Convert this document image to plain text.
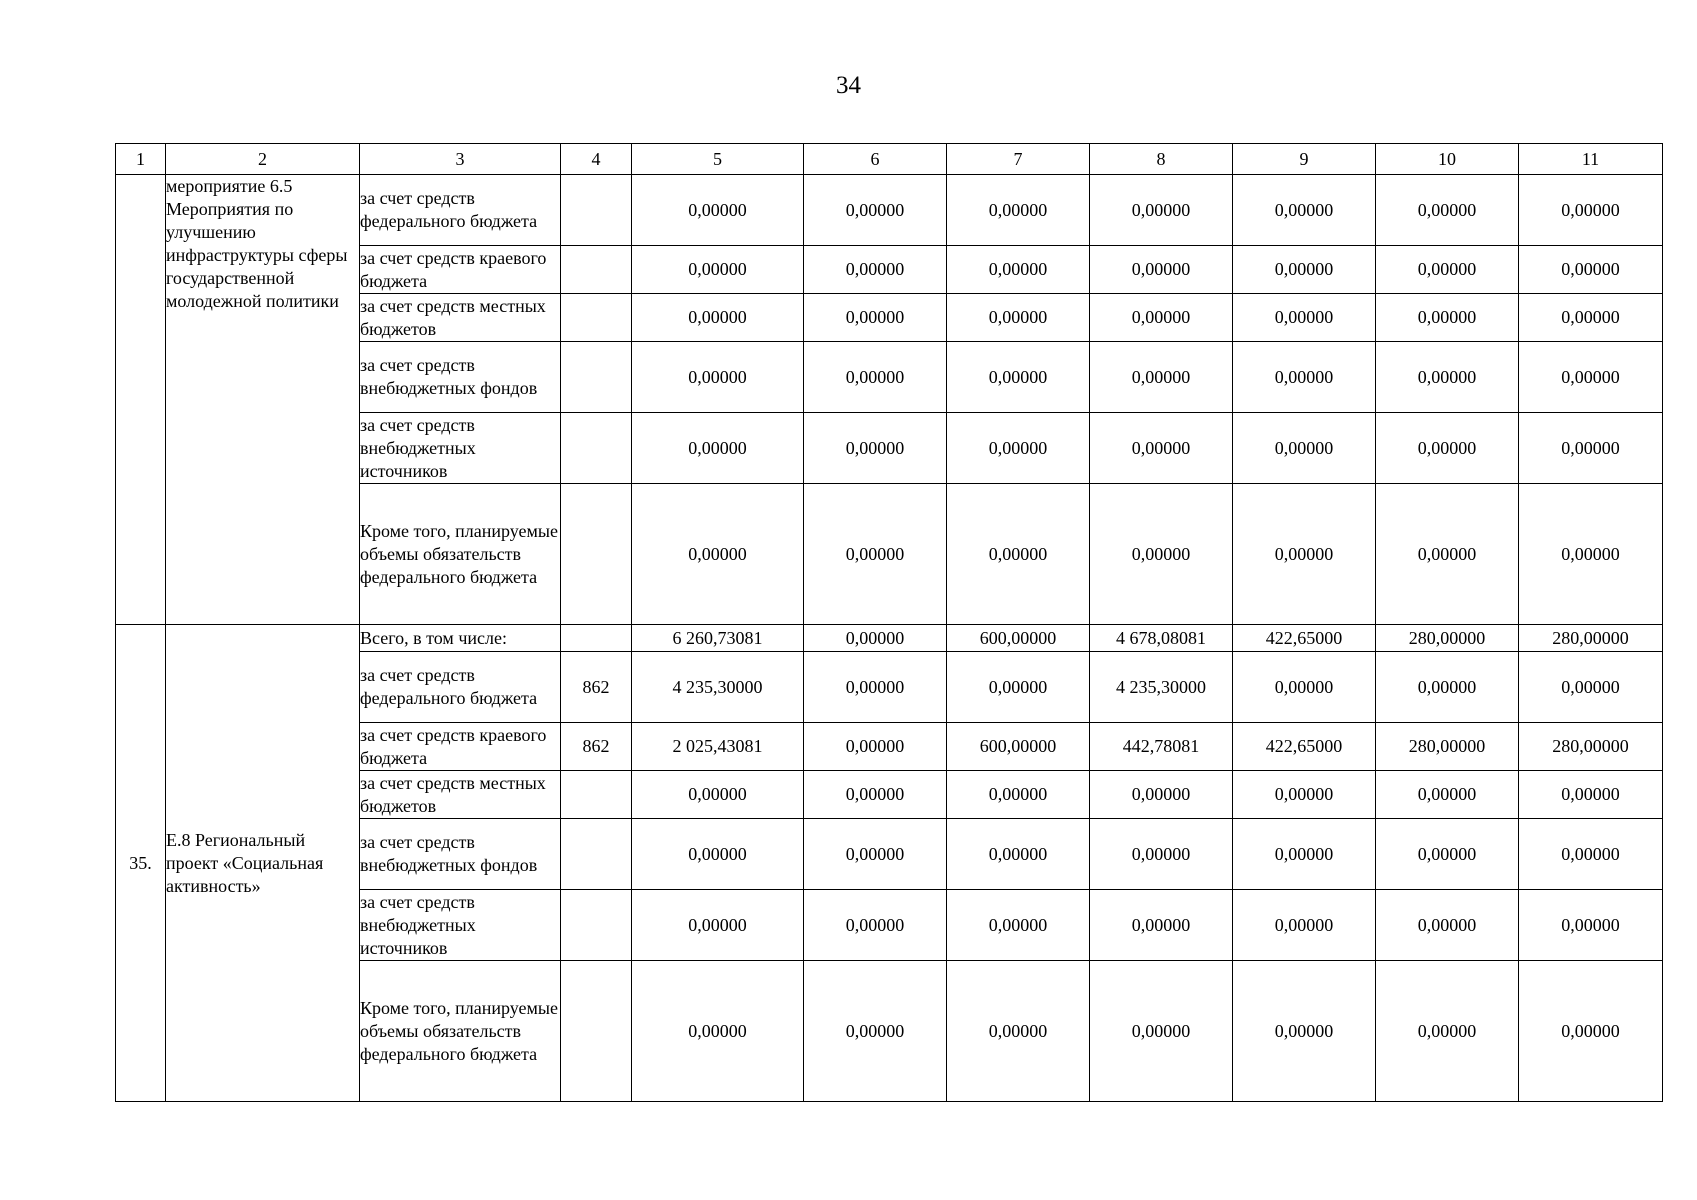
34
1	2	3	4	5	6	7	8	9	10	11
	мероприятие 6.5 Мероприятия по улучшению инфраструктуры сферы государственной молодежной политики	за счет средств федерального бюджета		0,00000	0,00000	0,00000	0,00000	0,00000	0,00000	0,00000
		за счет средств краевого бюджета		0,00000	0,00000	0,00000	0,00000	0,00000	0,00000	0,00000
		за счет средств местных бюджетов		0,00000	0,00000	0,00000	0,00000	0,00000	0,00000	0,00000
		за счет средств внебюджетных фондов		0,00000	0,00000	0,00000	0,00000	0,00000	0,00000	0,00000
		за счет средств внебюджетных источников		0,00000	0,00000	0,00000	0,00000	0,00000	0,00000	0,00000
		Кроме того, планируемые объемы обязательств федерального бюджета		0,00000	0,00000	0,00000	0,00000	0,00000	0,00000	0,00000
35.	Е.8 Региональный проект «Социальная активность»	Всего, в том числе:		6 260,73081	0,00000	600,00000	4 678,08081	422,65000	280,00000	280,00000
		за счет средств федерального бюджета	862	4 235,30000	0,00000	0,00000	4 235,30000	0,00000	0,00000	0,00000
		за счет средств краевого бюджета	862	2 025,43081	0,00000	600,00000	442,78081	422,65000	280,00000	280,00000
		за счет средств местных бюджетов		0,00000	0,00000	0,00000	0,00000	0,00000	0,00000	0,00000
		за счет средств внебюджетных фондов		0,00000	0,00000	0,00000	0,00000	0,00000	0,00000	0,00000
		за счет средств внебюджетных источников		0,00000	0,00000	0,00000	0,00000	0,00000	0,00000	0,00000
		Кроме того, планируемые объемы обязательств федерального бюджета		0,00000	0,00000	0,00000	0,00000	0,00000	0,00000	0,00000
